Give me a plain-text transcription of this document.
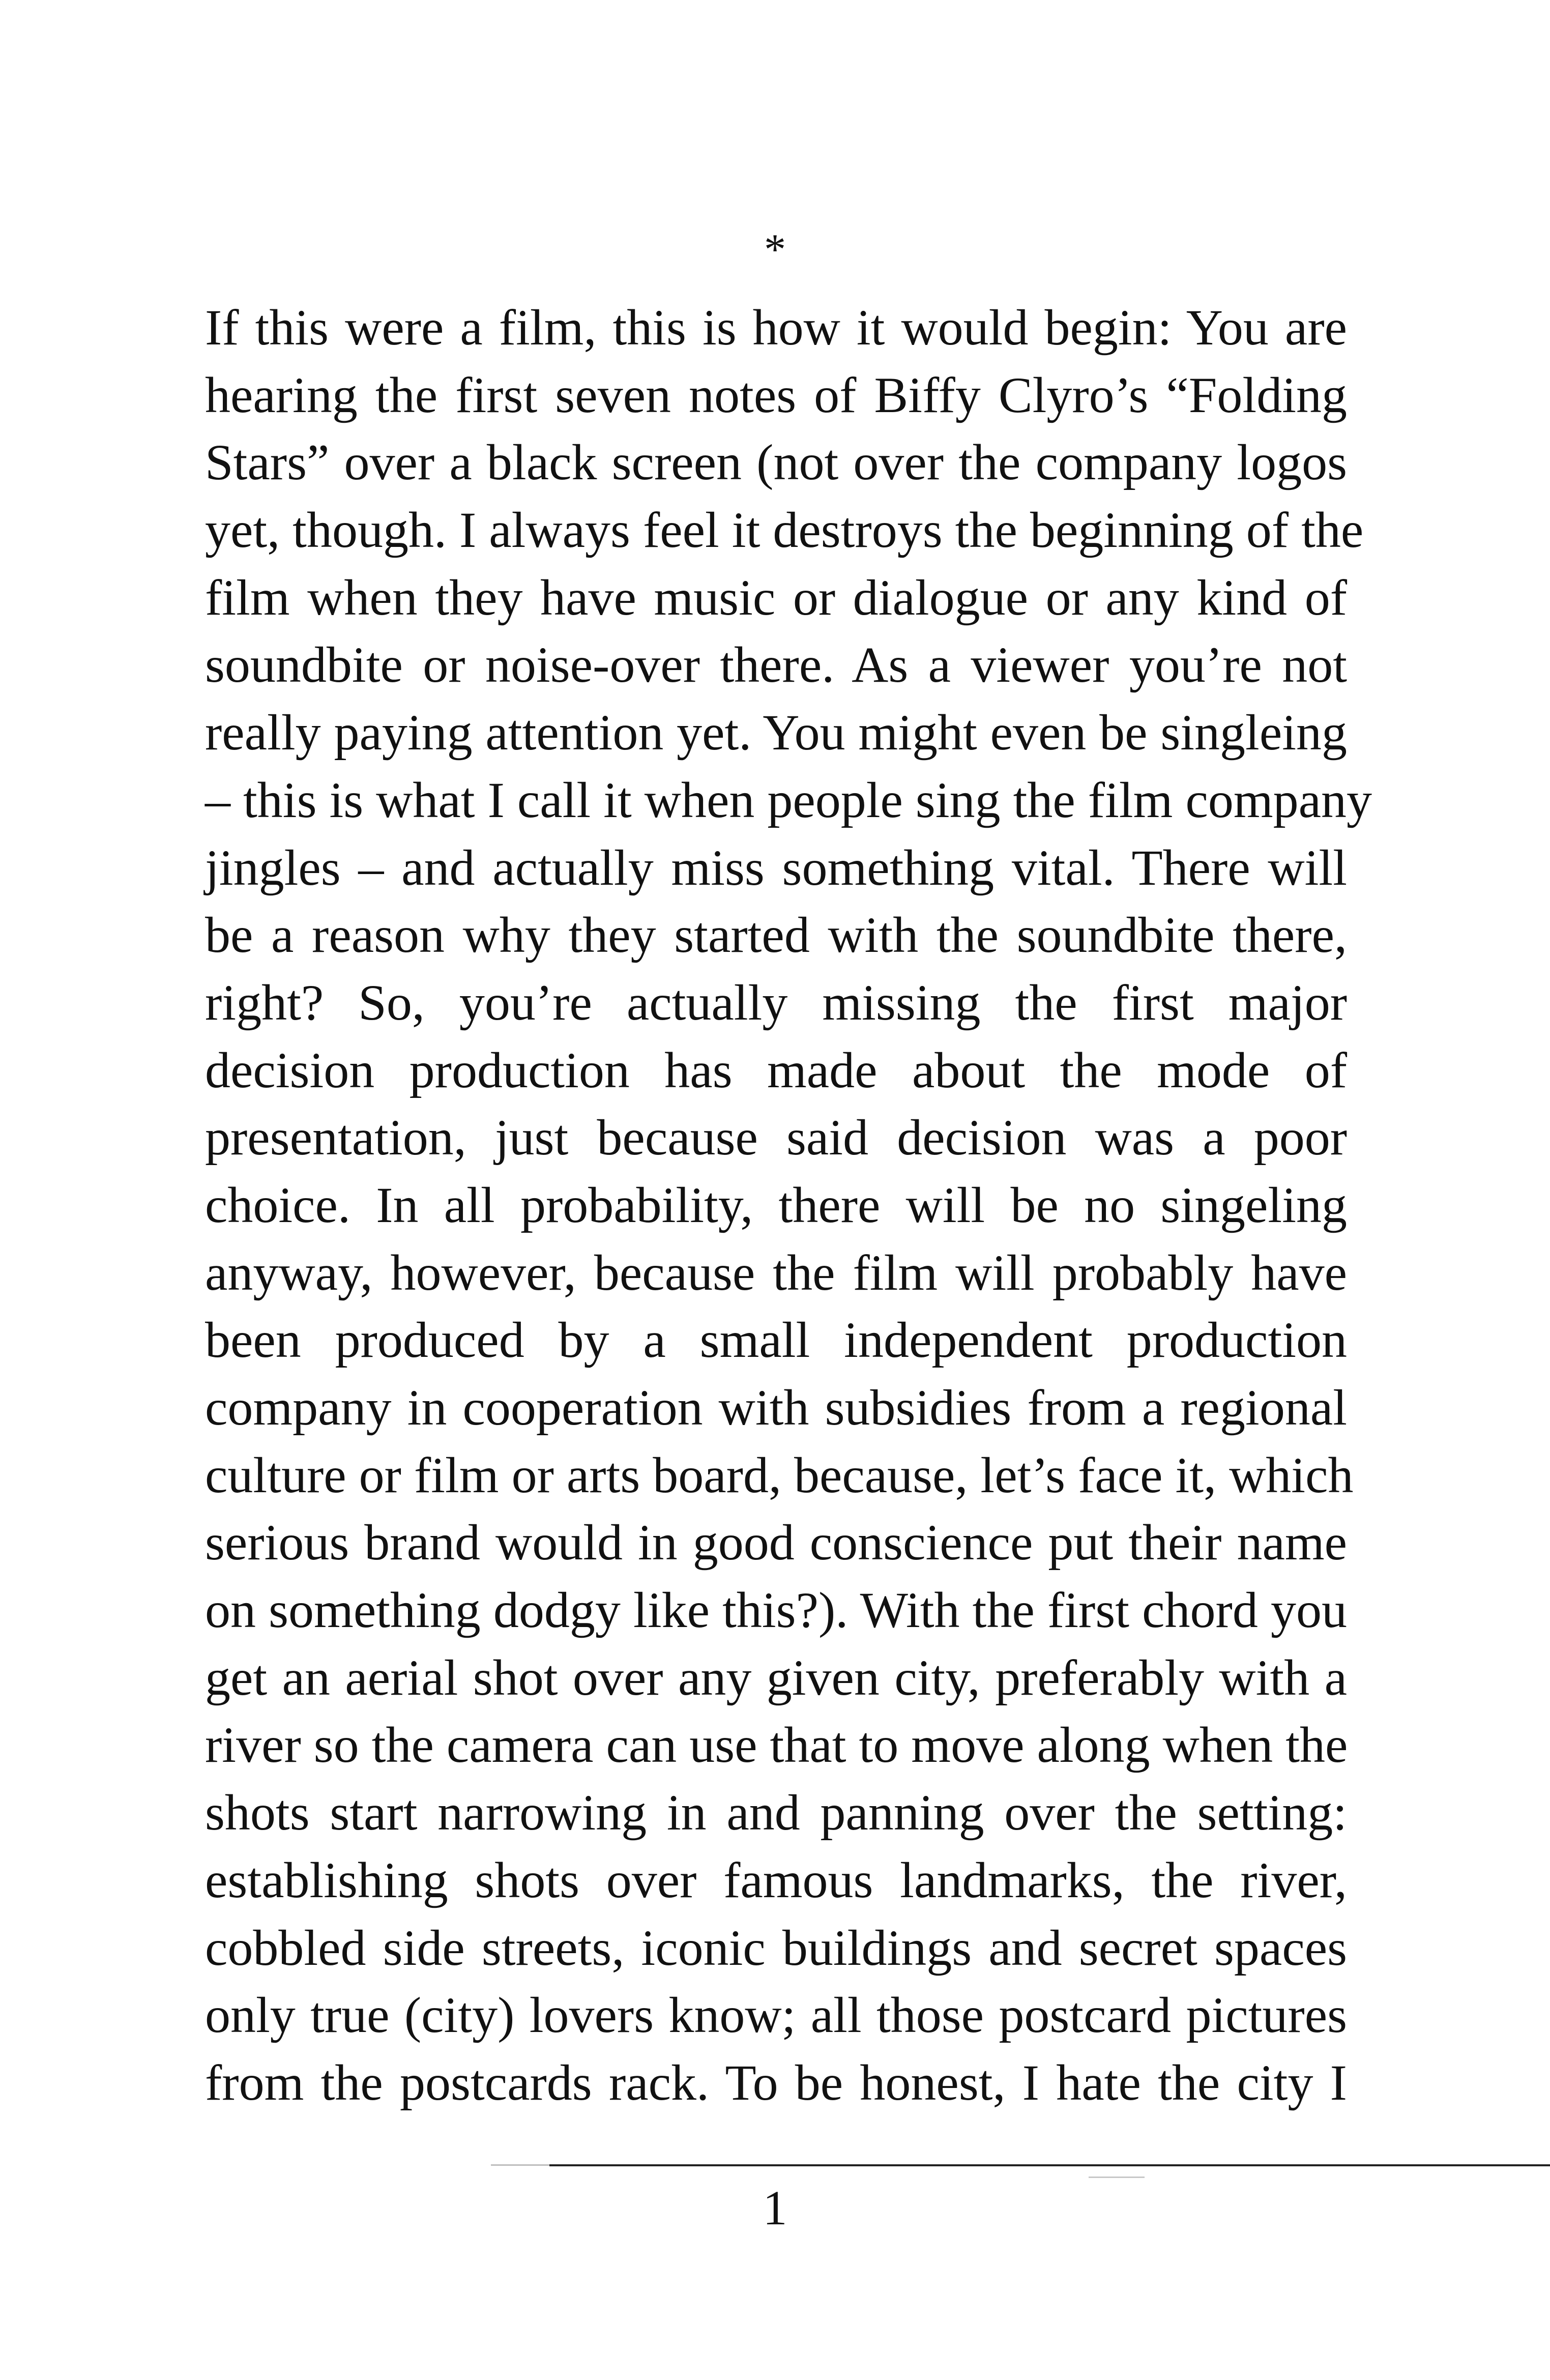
*
If this were a film, this is how it would begin: You are
hearing the first seven notes of Biffy Clyro’s “Folding
Stars” over a black screen (not over the company logos
yet, though. I always feel it destroys the beginning of the
film when they have music or dialogue or any kind of
soundbite or noise-over there. As a viewer you’re not
really paying attention yet. You might even be singleing
– this is what I call it when people sing the film company
jingles – and actually miss something vital. There will
be a reason why they started with the soundbite there,
right? So, you’re actually missing the first major
decision production has made about the mode of
presentation, just because said decision was a poor
choice. In all probability, there will be no singeling
anyway, however, because the film will probably have
been produced by a small independent production
company in cooperation with subsidies from a regional
culture or film or arts board, because, let’s face it, which
serious brand would in good conscience put their name
on something dodgy like this?). With the first chord you
get an aerial shot over any given city, preferably with a
river so the camera can use that to move along when the
shots start narrowing in and panning over the setting:
establishing shots over famous landmarks, the river,
cobbled side streets, iconic buildings and secret spaces
only true (city) lovers know; all those postcard pictures
from the postcards rack. To be honest, I hate the city I
1
